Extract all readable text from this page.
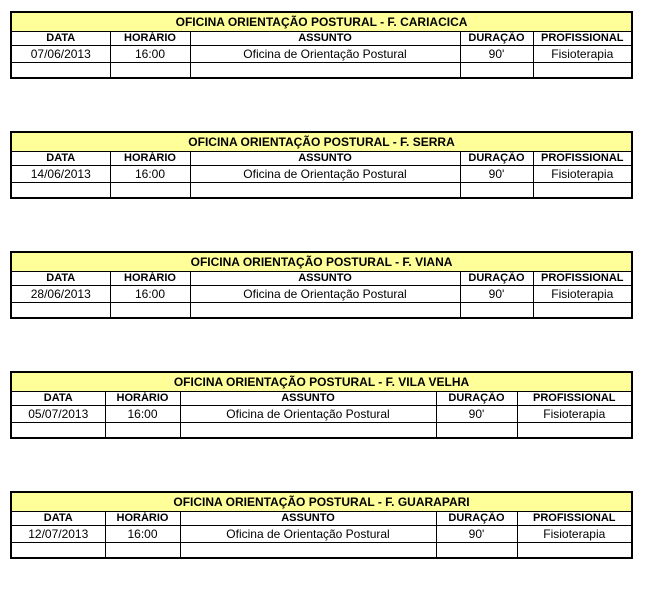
OFICINA ORIENTAÇÃO POSTURAL - F. CARIACICA				
DATA	HORÁRIO	ASSUNTO	DURAÇÃO	PROFISSIONAL
07/06/2013	16:00	Oficina de Orientação Postural	90'	Fisioterapia

OFICINA ORIENTAÇÃO POSTURAL - F. SERRA				
DATA	HORÁRIO	ASSUNTO	DURAÇÃO	PROFISSIONAL
14/06/2013	16:00	Oficina de Orientação Postural	90'	Fisioterapia

OFICINA ORIENTAÇÃO POSTURAL - F. VIANA				
DATA	HORÁRIO	ASSUNTO	DURAÇÃO	PROFISSIONAL
28/06/2013	16:00	Oficina de Orientação Postural	90'	Fisioterapia

OFICINA ORIENTAÇÃO POSTURAL - F. VILA VELHA				
DATA	HORÁRIO	ASSUNTO	DURAÇÃO	PROFISSIONAL
05/07/2013	16:00	Oficina de Orientação Postural	90'	Fisioterapia

OFICINA ORIENTAÇÃO POSTURAL - F. GUARAPARI				
DATA	HORÁRIO	ASSUNTO	DURAÇÃO	PROFISSIONAL
12/07/2013	16:00	Oficina de Orientação Postural	90'	Fisioterapia
